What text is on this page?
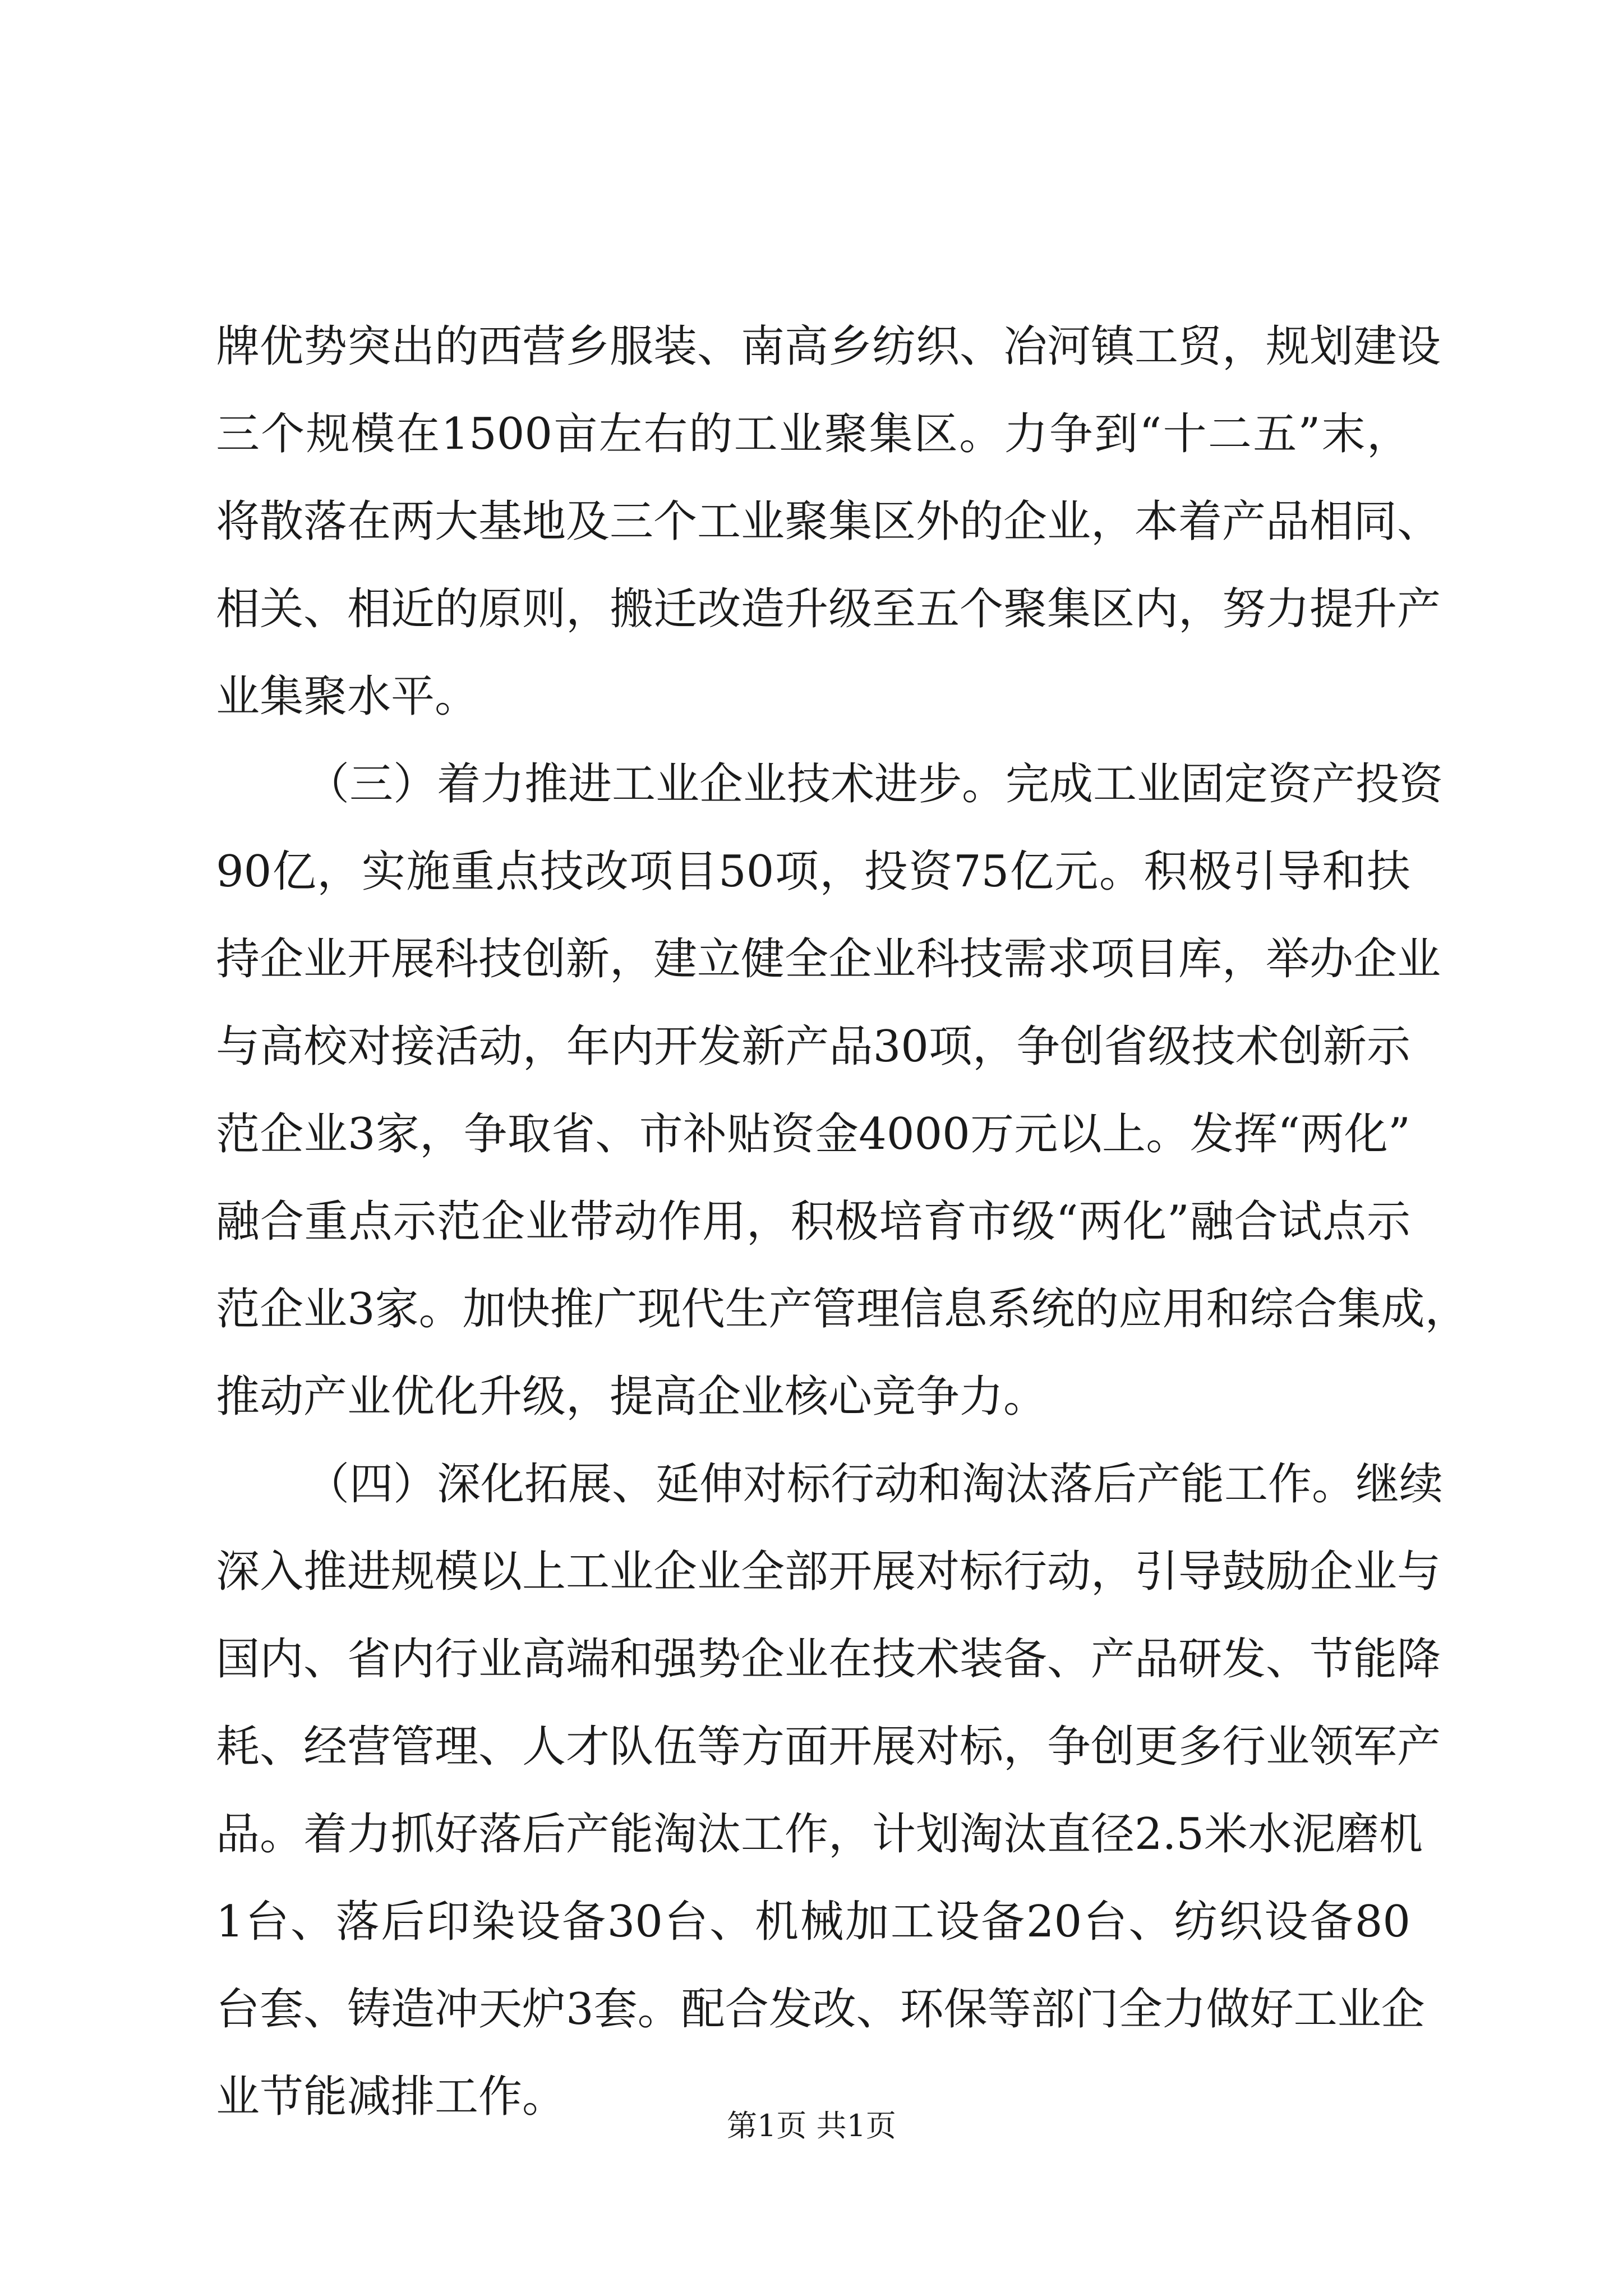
牌优势突出的西营乡服装、南高乡纺织、冶河镇工贸，规划建设
三个规模在1500亩左右的工业聚集区。力争到“十二五”末，
将散落在两大基地及三个工业聚集区外的企业，本着产品相同、
相关、相近的原则，搬迁改造升级至五个聚集区内，努力提升产
业集聚水平。
（三）着力推进工业企业技术进步。完成工业固定资产投资
90亿，实施重点技改项目50项，投资75亿元。积极引导和扶
持企业开展科技创新，建立健全企业科技需求项目库，举办企业
与高校对接活动，年内开发新产品30项，争创省级技术创新示
范企业3家，争取省、市补贴资金4000万元以上。发挥“两化”
融合重点示范企业带动作用，积极培育市级“两化”融合试点示
范企业3家。加快推广现代生产管理信息系统的应用和综合集成，
推动产业优化升级，提高企业核心竞争力。
（四）深化拓展、延伸对标行动和淘汰落后产能工作。继续
深入推进规模以上工业企业全部开展对标行动，引导鼓励企业与
国内、省内行业高端和强势企业在技术装备、产品研发、节能降
耗、经营管理、人才队伍等方面开展对标，争创更多行业领军产
品。着力抓好落后产能淘汰工作，计划淘汰直径2.5米水泥磨机
1台、落后印染设备30台、机械加工设备20台、纺织设备80
台套、铸造冲天炉3套。配合发改、环保等部门全力做好工业企
业节能减排工作。
第1页 共1页
